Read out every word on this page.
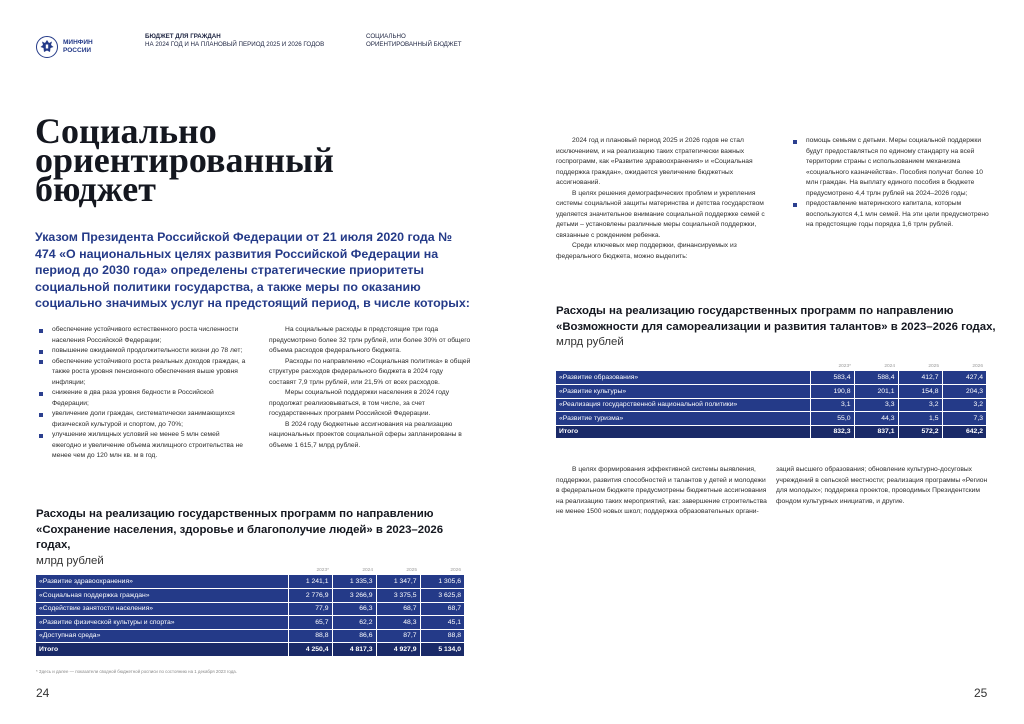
МИНФИН
РОССИИ
БЮДЖЕТ ДЛЯ ГРАЖДАН
НА 2024 ГОД И НА ПЛАНОВЫЙ ПЕРИОД 2025 И 2026 ГОДОВ
СОЦИАЛЬНО
ОРИЕНТИРОВАННЫЙ БЮДЖЕТ
Социально
ориентированный
бюджет

Указом Президента Российской Федерации от 21 июля 2020 года № 474 «О национальных целях развития Российской Федерации на период до 2030 года» определены стратегические приоритеты социальной политики государства, а также меры по оказанию социально значимых услуг на предстоящий период, в числе которых:

обеспечение устойчивого естественного роста численности населения Российской Федерации;
повышение ожидаемой продолжительности жизни до 78 лет;
обеспечение устойчивого роста реальных доходов граждан, а также роста уровня пенсионного обеспечения выше уровня инфляции;
снижение в два раза уровня бедности в Российской Федерации;
увеличение доли граждан, систематически занимающихся физической культурой и спортом, до 70%;
улучшение жилищных условий не менее 5 млн семей ежегодно и увеличение объема жилищного строительства не менее чем до 120 млн кв. м в год.

На социальные расходы в предстоящие три года предусмотрено более 32 трлн рублей, или более 30% от общего объема расходов федерального бюджета.

Расходы по направлению «Социальная политика» в общей структуре расходов федерального бюджета в 2024 году составят 7,9 трлн рублей, или 21,5% от всех расходов.

Меры социальной поддержки населения в 2024 году продолжат реализовываться, в том числе, за счет государственных программ Российской Федерации.

В 2024 году бюджетные ассигнования на реализацию национальных проектов социальной сферы запланированы в объеме 1 615,7 млрд рублей.

Расходы на реализацию государственных программ по направлению «Сохранение населения, здоровье и благополучие людей» в 2023–2026 годах,
млрд рублей
	2023*	2024	2025	2026
«Развитие здравоохранения»	1 241,1	1 335,3	1 347,7	1 305,6
«Социальная поддержка граждан»	2 776,9	3 266,9	3 375,5	3 625,8
«Содействие занятости населения»	77,9	66,3	68,7	68,7
«Развитие физической культуры и спорта»	65,7	62,2	48,3	45,1
«Доступная среда»	88,8	86,6	87,7	88,8
Итого	4 250,4	4 817,3	4 927,9	5 134,0
* Здесь и далее — показатели сводной бюджетной росписи по состоянию на 1 декабря 2023 года.
24

2024 год и плановый период 2025 и 2026 годов не стал исключением, и на реализацию таких стратегически важных госпрограмм, как «Развитие здравоохранения» и «Социальная поддержка граждан», ожидается увеличение бюджетных ассигнований.

В целях решения демографических проблем и укрепления системы социальной защиты материнства и детства государством уделяется значительное внимание социальной поддержке семей с детьми – установлены различные меры социальной поддержки, связанные с рождением ребенка.

Среди ключевых мер поддержки, финансируемых из федерального бюджета, можно выделить:

помощь семьям с детьми. Меры социальной поддержки будут предоставляться по единому стандарту на всей территории страны с использованием механизма «социального казначейства». Пособия получат более 10 млн граждан. На выплату единого пособия в бюджете предусмотрено 4,4 трлн рублей на 2024–2026 годы;
предоставление материнского капитала, которым воспользуются 4,1 млн семей. На эти цели предусмотрено на предстоящие годы порядка 1,6 трлн рублей.
Расходы на реализацию государственных программ по направлению «Возможности для самореализации и развития талантов» в 2023–2026 годах,
млрд рублей
	2023*	2024	2025	2026
«Развитие образования»	583,4	588,4	412,7	427,4
«Развитие культуры»	190,8	201,1	154,8	204,3
«Реализация государственной национальной политики»	3,1	3,3	3,2	3,2
«Развитие туризма»	55,0	44,3	1,5	7,3
Итого	832,3	837,1	572,2	642,2

В целях формирования эффективной системы выявления, поддержки, развития способностей и талантов у детей и молодежи в федеральном бюджете предусмотрены бюджетные ассигнования на реализацию таких мероприятий, как: завершение строительства не менее 1500 новых школ; поддержка образовательных органи-

заций высшего образования; обновление культурно-досуговых учреждений в сельской местности; реализация программы «Регион для молодых»; поддержка проектов, проводимых Президентским фондом культурных инициатив, и другие.

25
